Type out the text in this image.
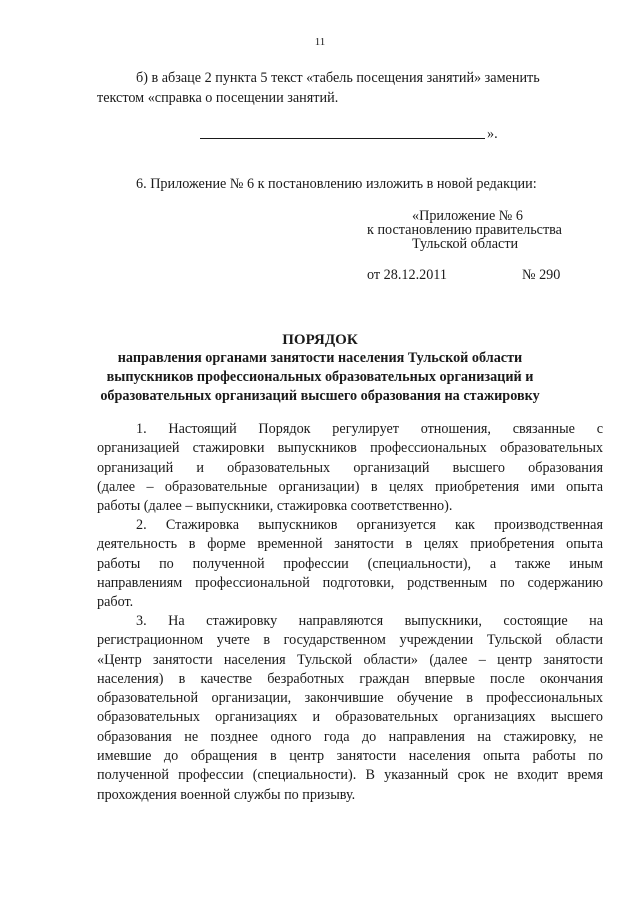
11
б) в абзаце 2 пункта 5 текст «табель посещения занятий» заменить
текстом «справка о посещении занятий.
».
6. Приложение № 6 к постановлению изложить в новой редакции:
«Приложение № 6
к постановлению правительства
Тульской области
от 28.12.2011	№ 290
ПОРЯДОК
направления органами занятости населения Тульской области
выпускников профессиональных образовательных организаций и
образовательных организаций высшего образования на стажировку
1. Настоящий Порядок регулирует отношения, связанные с
организацией стажировки выпускников профессиональных образовательных
организаций и образовательных организаций высшего образования
(далее – образовательные организации) в целях приобретения ими опыта
работы (далее – выпускники, стажировка соответственно).
2. Стажировка выпускников организуется как производственная
деятельность в форме временной занятости в целях приобретения опыта
работы по полученной профессии (специальности), а также иным
направлениям профессиональной подготовки, родственным по содержанию
работ.
3. На стажировку направляются выпускники, состоящие на
регистрационном учете в государственном учреждении Тульской области
«Центр занятости населения Тульской области» (далее – центр занятости
населения) в качестве безработных граждан впервые после окончания
образовательной организации, закончившие обучение в профессиональных
образовательных организациях и образовательных организациях высшего
образования не позднее одного года до направления на стажировку, не
имевшие до обращения в центр занятости населения опыта работы по
полученной профессии (специальности). В указанный срок не входит время
прохождения военной службы по призыву.
